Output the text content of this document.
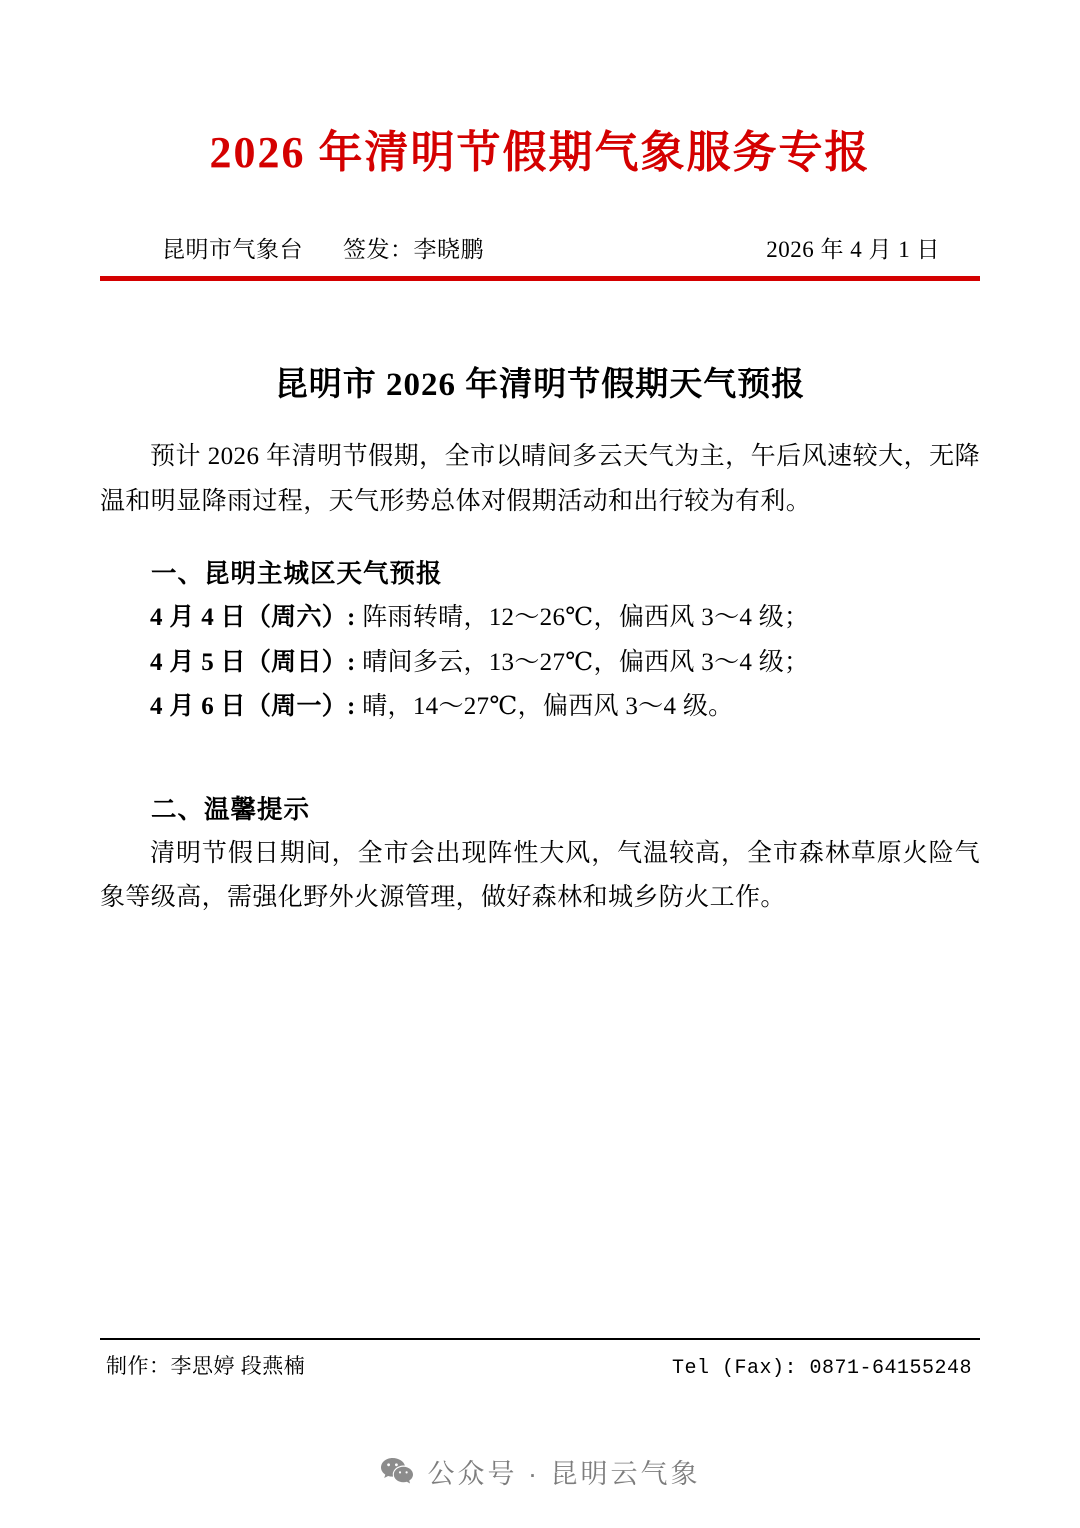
2026 年清明节假期气象服务专报
昆明市气象台 签发：李晓鹏	2026 年 4 月 1 日
昆明市 2026 年清明节假期天气预报

预计 2026 年清明节假期，全市以晴间多云天气为主，午后风速较大，无降温和明显降雨过程，天气形势总体对假期活动和出行较为有利。

一、昆明主城区天气预报

4 月 4 日（周六）: 阵雨转晴，12～26℃，偏西风 3～4 级；

4 月 5 日（周日）: 晴间多云，13～27℃，偏西风 3～4 级；

4 月 6 日（周一）: 晴，14～27℃，偏西风 3～4 级。

二、温馨提示

清明节假日期间，全市会出现阵性大风，气温较高，全市森林草原火险气象等级高，需强化野外火源管理，做好森林和城乡防火工作。

制作：李思婷 段燕楠	Tel (Fax): 0871-64155248
公众号 · 昆明云气象
